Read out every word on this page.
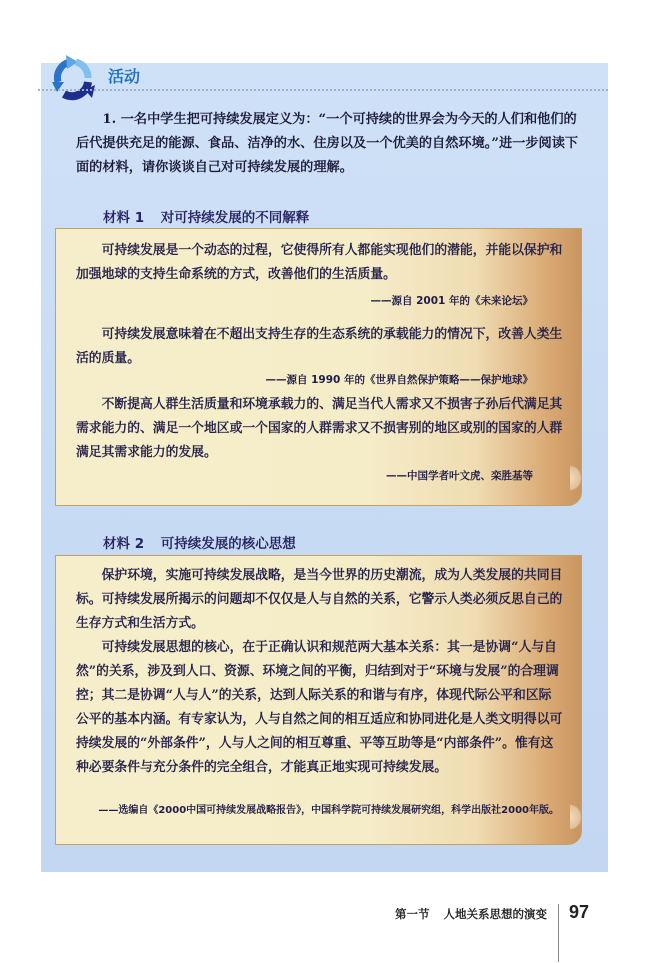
活动

1. 一名中学生把可持续发展定义为：“一个可持续的世界会为今天的人们和他们的后代提供充足的能源、食品、洁净的水、住房以及一个优美的自然环境。”进一步阅读下面的材料，请你谈谈自己对可持续发展的理解。

材料 1 对可持续发展的不同解释

可持续发展是一个动态的过程，它使得所有人都能实现他们的潜能，并能以保护和加强地球的支持生命系统的方式，改善他们的生活质量。

——源自 2001 年的《未来论坛》

可持续发展意味着在不超出支持生存的生态系统的承载能力的情况下，改善人类生活的质量。

——源自 1990 年的《世界自然保护策略——保护地球》

不断提高人群生活质量和环境承载力的、满足当代人需求又不损害子孙后代满足其需求能力的、满足一个地区或一个国家的人群需求又不损害别的地区或别的国家的人群满足其需求能力的发展。

——中国学者叶文虎、栾胜基等

材料 2 可持续发展的核心思想

保护环境，实施可持续发展战略，是当今世界的历史潮流，成为人类发展的共同目标。可持续发展所揭示的问题却不仅仅是人与自然的关系，它警示人类必须反思自己的生存方式和生活方式。

可持续发展思想的核心，在于正确认识和规范两大基本关系：其一是协调“人与自然”的关系，涉及到人口、资源、环境之间的平衡，归结到对于“环境与发展”的合理调控；其二是协调“人与人”的关系，达到人际关系的和谐与有序，体现代际公平和区际公平的基本内涵。有专家认为，人与自然之间的相互适应和协同进化是人类文明得以可持续发展的“外部条件”，人与人之间的相互尊重、平等互助等是“内部条件”。惟有这种必要条件与充分条件的完全组合，才能真正地实现可持续发展。

——选编自《2000中国可持续发展战略报告》，中国科学院可持续发展研究组，科学出版社2000年版。

第一节 人地关系思想的演变 97
